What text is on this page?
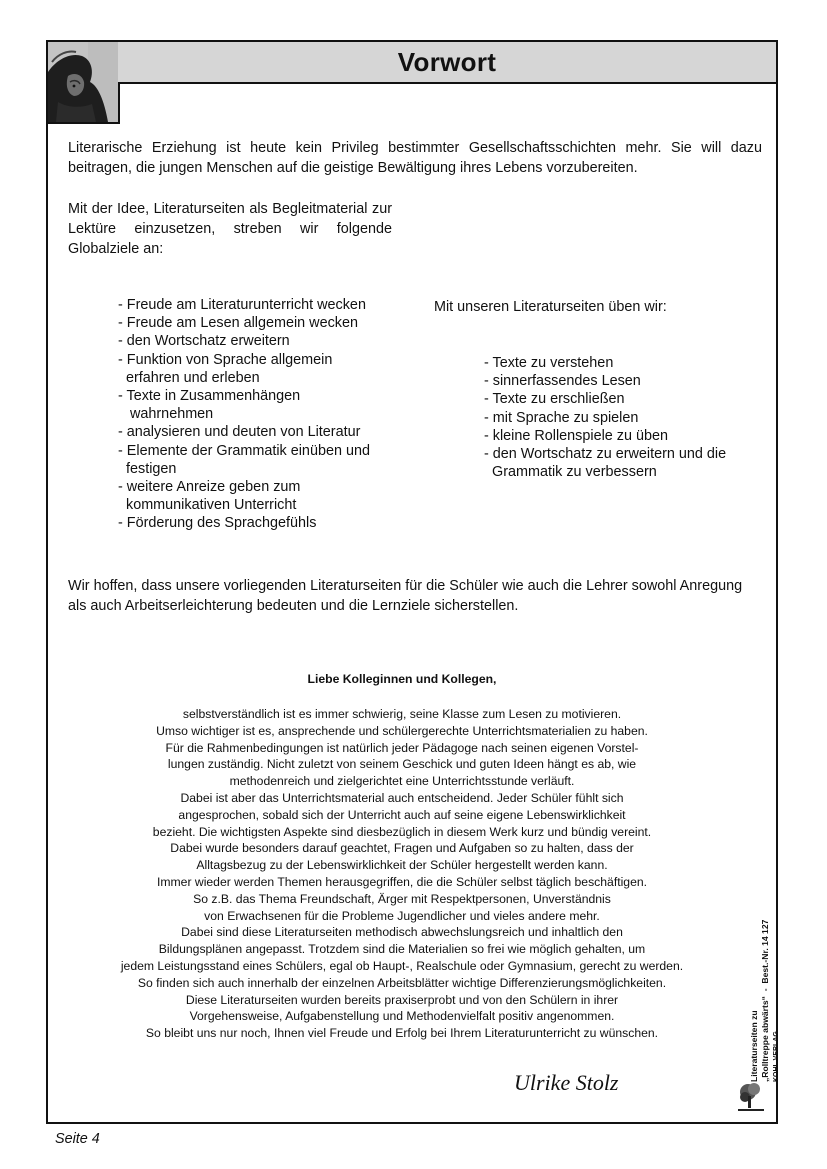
Vorwort

Literarische Erziehung ist heute kein Privileg bestimmter Gesellschaftsschichten mehr. Sie will dazu beitragen, die jungen Menschen auf die geistige Bewältigung ihres Lebens vorzubereiten.

Mit der Idee, Literaturseiten als Begleitmaterial zur Lektüre einzusetzen, streben wir folgende Globalziele an:

- Freude am Literaturunterricht wecken
- Freude am Lesen allgemein wecken
- den Wortschatz erweitern
- Funktion von Sprache allgemein
erfahren und erleben
- Texte in Zusammenhängen
wahrnehmen
- analysieren und deuten von Literatur
- Elemente der Grammatik einüben und
festigen
- weitere Anreize geben zum
kommunikativen Unterricht
- Förderung des Sprachgefühls
Mit unseren Literaturseiten üben wir:
- Texte zu verstehen
- sinnerfassendes Lesen
- Texte zu erschließen
- mit Sprache zu spielen
- kleine Rollenspiele zu üben
- den Wortschatz zu erweitern und die
Grammatik zu verbessern

Wir hoffen, dass unsere vorliegenden Literaturseiten für die Schüler wie auch die Lehrer sowohl Anregung als auch Arbeitserleichterung bedeuten und die Lernziele sicherstellen.

Liebe Kolleginnen und Kollegen,
selbstverständlich ist es immer schwierig, seine Klasse zum Lesen zu motivieren.
Umso wichtiger ist es, ansprechende und schülergerechte Unterrichtsmaterialien zu haben.
Für die Rahmenbedingungen ist natürlich jeder Pädagoge nach seinen eigenen Vorstel-
lungen zuständig. Nicht zuletzt von seinem Geschick und guten Ideen hängt es ab, wie
methodenreich und zielgerichtet eine Unterrichtsstunde verläuft.
Dabei ist aber das Unterrichtsmaterial auch entscheidend. Jeder Schüler fühlt sich
angesprochen, sobald sich der Unterricht auch auf seine eigene Lebenswirklichkeit
bezieht. Die wichtigsten Aspekte sind diesbezüglich in diesem Werk kurz und bündig vereint.
Dabei wurde besonders darauf geachtet, Fragen und Aufgaben so zu halten, dass der
Alltagsbezug zu der Lebenswirklichkeit der Schüler hergestellt werden kann.
Immer wieder werden Themen herausgegriffen, die die Schüler selbst täglich beschäftigen.
So z.B. das Thema Freundschaft, Ärger mit Respektpersonen, Unverständnis
von Erwachsenen für die Probleme Jugendlicher und vieles andere mehr.
Dabei sind diese Literaturseiten methodisch abwechslungsreich und inhaltlich den
Bildungsplänen angepasst. Trotzdem sind die Materialien so frei wie möglich gehalten, um
jedem Leistungsstand eines Schülers, egal ob Haupt-, Realschule oder Gymnasium, gerecht zu werden.
So finden sich auch innerhalb der einzelnen Arbeitsblätter wichtige Differenzierungsmöglichkeiten.
Diese Literaturseiten wurden bereits praxiserprobt und von den Schülern in ihrer
Vorgehensweise, Aufgabenstellung und Methodenvielfalt positiv angenommen.
So bleibt uns nur noch, Ihnen viel Freude und Erfolg bei Ihrem Literaturunterricht zu wünschen.
Ulrike Stolz
Literaturseiten zu „Rolltreppe abwärts“  -  Best.-Nr. 14 127 KOHL VERLAG
Seite 4
